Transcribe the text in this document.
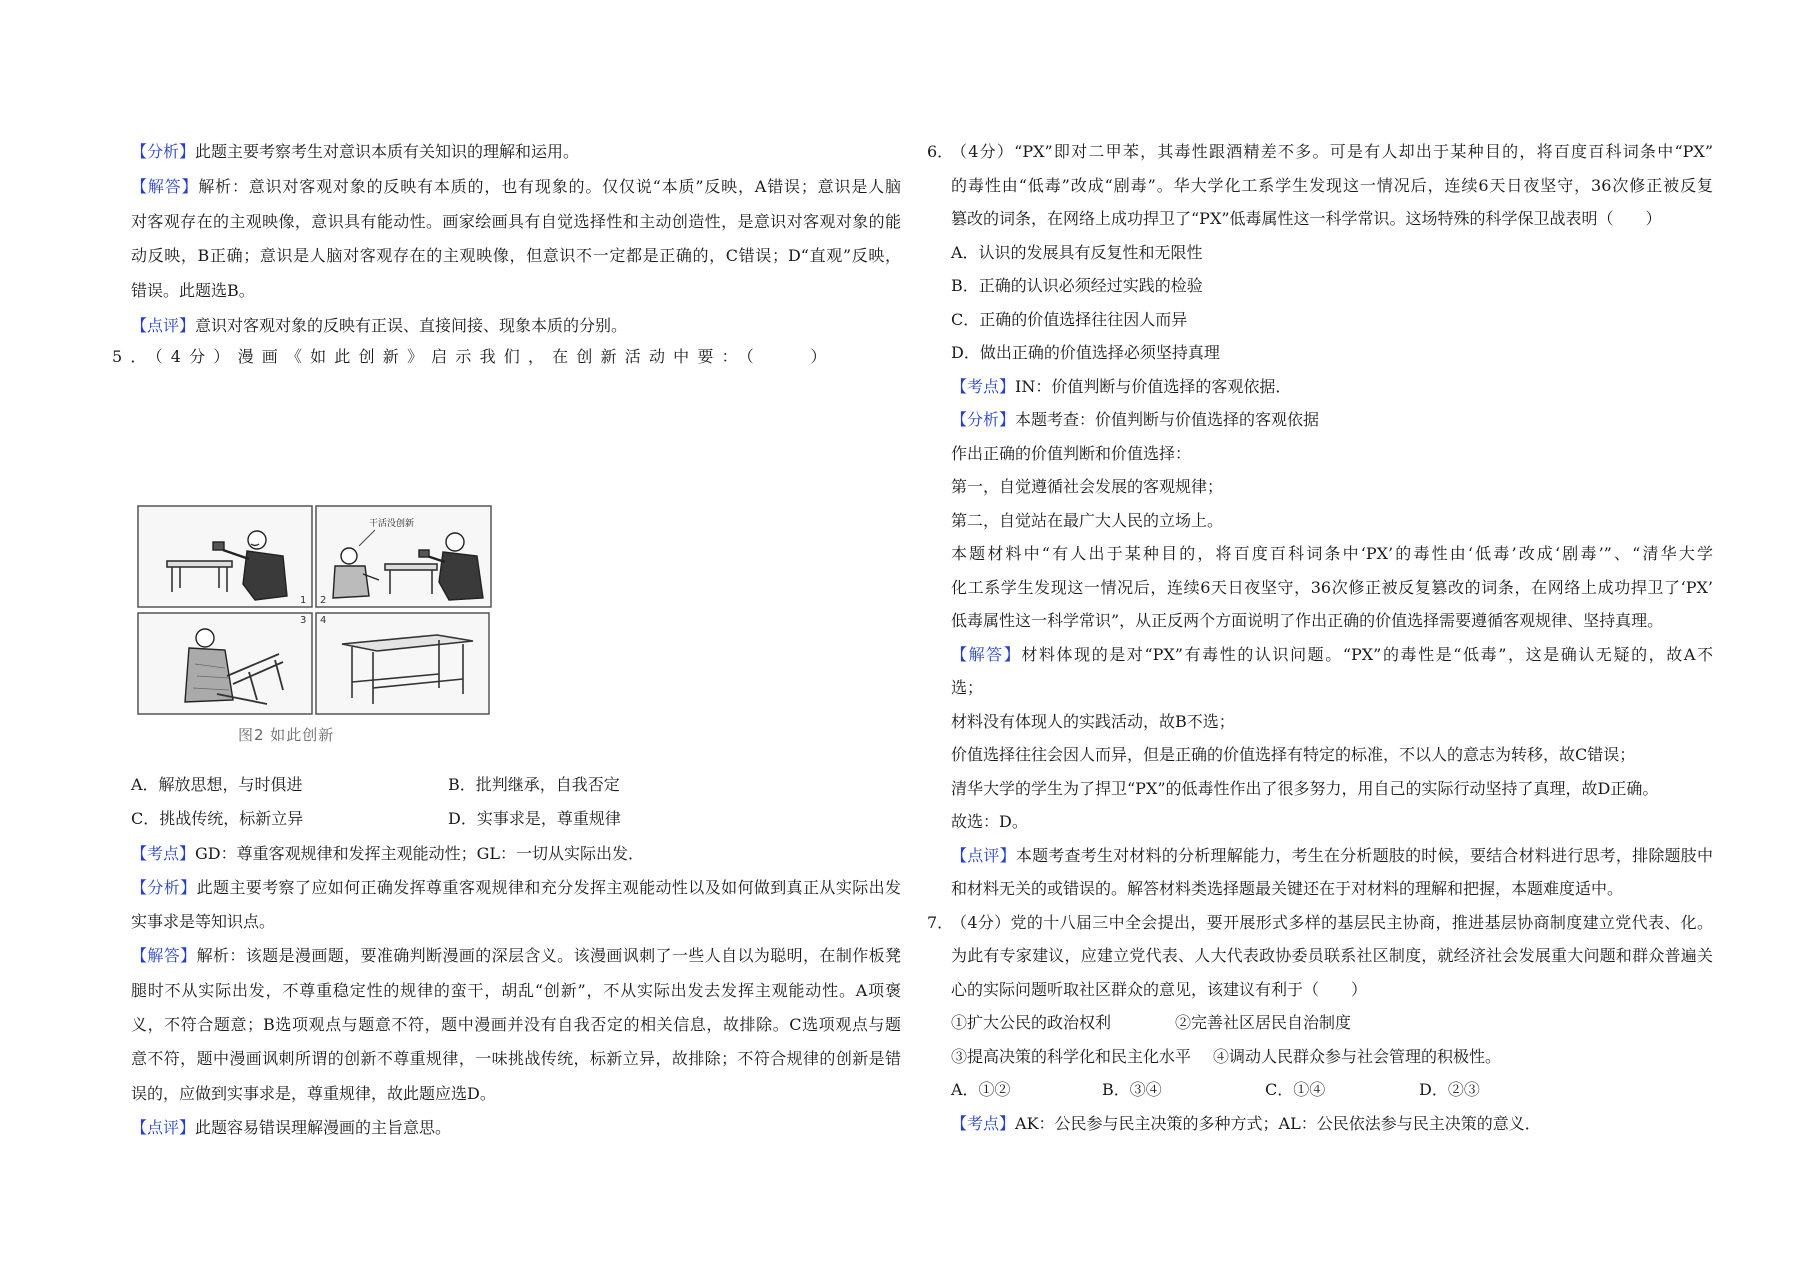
【分析】此题主要考察考生对意识本质有关知识的理解和运用。
【解答】解析：意识对客观对象的反映有本质的，也有现象的。仅仅说“本质”反映，A错误；意识是人脑
对客观存在的主观映像，意识具有能动性。画家绘画具有自觉选择性和主动创造性，是意识对客观对象的能
动反映，B正确；意识是人脑对客观存在的主观映像，但意识不一定都是正确的，C错误；D“直观”反映，
错误。此题选B。
【点评】意识对客观对象的反映有正误、直接间接、现象本质的分别。
5．（4分）漫画《如此创新》启示我们，在创新活动中要：（　　）
1
干活没创新
2
3 4
图2 如此创新
A．解放思想，与时俱进	B．批判继承，自我否定
C．挑战传统，标新立异	D．实事求是，尊重规律
【考点】GD：尊重客观规律和发挥主观能动性；GL：一切从实际出发．
【分析】此题主要考察了应如何正确发挥尊重客观规律和充分发挥主观能动性以及如何做到真正从实际出发
实事求是等知识点。
【解答】解析：该题是漫画题，要准确判断漫画的深层含义。该漫画讽刺了一些人自以为聪明，在制作板凳
腿时不从实际出发，不尊重稳定性的规律的蛮干，胡乱“创新”，不从实际出发去发挥主观能动性。A项褒
义，不符合题意；B选项观点与题意不符，题中漫画并没有自我否定的相关信息，故排除。C选项观点与题
意不符，题中漫画讽刺所谓的创新不尊重规律，一味挑战传统，标新立异，故排除；不符合规律的创新是错
误的，应做到实事求是，尊重规律，故此题应选D。
【点评】此题容易错误理解漫画的主旨意思。
6．
（4分）“PX”即对二甲苯，其毒性跟酒精差不多。可是有人却出于某种目的，将百度百科词条中“PX”
的毒性由“低毒”改成“剧毒”。华大学化工系学生发现这一情况后，连续6天日夜坚守，36次修正被反复
篡改的词条，在网络上成功捍卫了“PX”低毒属性这一科学常识。这场特殊的科学保卫战表明（　　）
A．认识的发展具有反复性和无限性
B．正确的认识必须经过实践的检验
C．正确的价值选择往往因人而异
D．做出正确的价值选择必须坚持真理
【考点】IN：价值判断与价值选择的客观依据．
【分析】本题考查：价值判断与价值选择的客观依据
作出正确的价值判断和价值选择：
第一，自觉遵循社会发展的客观规律；
第二，自觉站在最广大人民的立场上。
本题材料中“有人出于某种目的，将百度百科词条中‘PX’的毒性由‘低毒’改成‘剧毒’”、“清华大学
化工系学生发现这一情况后，连续6天日夜坚守，36次修正被反复篡改的词条，在网络上成功捍卫了‘PX’
低毒属性这一科学常识”，从正反两个方面说明了作出正确的价值选择需要遵循客观规律、坚持真理。
【解答】材料体现的是对“PX”有毒性的认识问题。“PX”的毒性是“低毒”，这是确认无疑的，故A不
选；
材料没有体现人的实践活动，故B不选；
价值选择往往会因人而异，但是正确的价值选择有特定的标准，不以人的意志为转移，故C错误；
清华大学的学生为了捍卫“PX”的低毒性作出了很多努力，用自己的实际行动坚持了真理，故D正确。
故选：D。
【点评】本题考查考生对材料的分析理解能力，考生在分析题肢的时候，要结合材料进行思考，排除题肢中
和材料无关的或错误的。解答材料类选择题最关键还在于对材料的理解和把握，本题难度适中。
7．
（4分）党的十八届三中全会提出，要开展形式多样的基层民主协商，推进基层协商制度建立党代表、化。
为此有专家建议，应建立党代表、人大代表政协委员联系社区制度，就经济社会发展重大问题和群众普遍关
心的实际问题听取社区群众的意见，该建议有利于（　　）
①扩大公民的政治权利	②完善社区居民自治制度
③提高决策的科学化和民主化水平 ④调动人民群众参与社会管理的积极性。
A．①②	B．③④	C．①④	D．②③
【考点】AK：公民参与民主决策的多种方式；AL：公民依法参与民主决策的意义．
